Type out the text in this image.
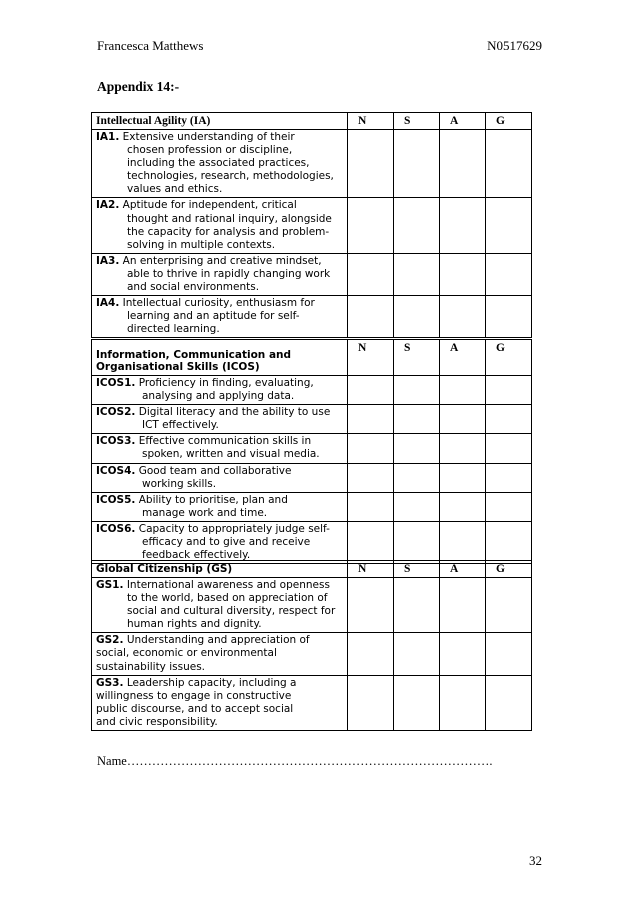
Francesca Matthews	N0517629
Appendix 14:-
Intellectual Agility (IA)	N	S	A	G

IA1. Extensive understanding of their
chosen profession or discipline,
including the associated practices,
technologies, research, methodologies,
values and ethics.				

IA2. Aptitude for independent, critical
thought and rational inquiry, alongside
the capacity for analysis and problem-
solving in multiple contexts.				

IA3. An enterprising and creative mindset,
able to thrive in rapidly changing work
and social environments.				

IA4. Intellectual curiosity, enthusiasm for
learning and an aptitude for self-
directed learning.				

Information, Communication and
Organisational Skills (ICOS)	N	S	A	G

ICOS1. Proficiency in finding, evaluating,
analysing and applying data.				

ICOS2. Digital literacy and the ability to use
ICT effectively.				

ICOS3. Effective communication skills in
spoken, written and visual media.				

ICOS4. Good team and collaborative
working skills.				

ICOS5. Ability to prioritise, plan and
manage work and time.				

ICOS6. Capacity to appropriately judge self-
efficacy and to give and receive
feedback effectively.				

Global Citizenship (GS)	N	S	A	G

GS1. International awareness and openness
to the world, based on appreciation of
social and cultural diversity, respect for
human rights and dignity.				

GS2. Understanding and appreciation of
social, economic or environmental
sustainability issues.				

GS3. Leadership capacity, including a
willingness to engage in constructive
public discourse, and to accept social
and civic responsibility.				

Name…………………………………………………………………………….
32
